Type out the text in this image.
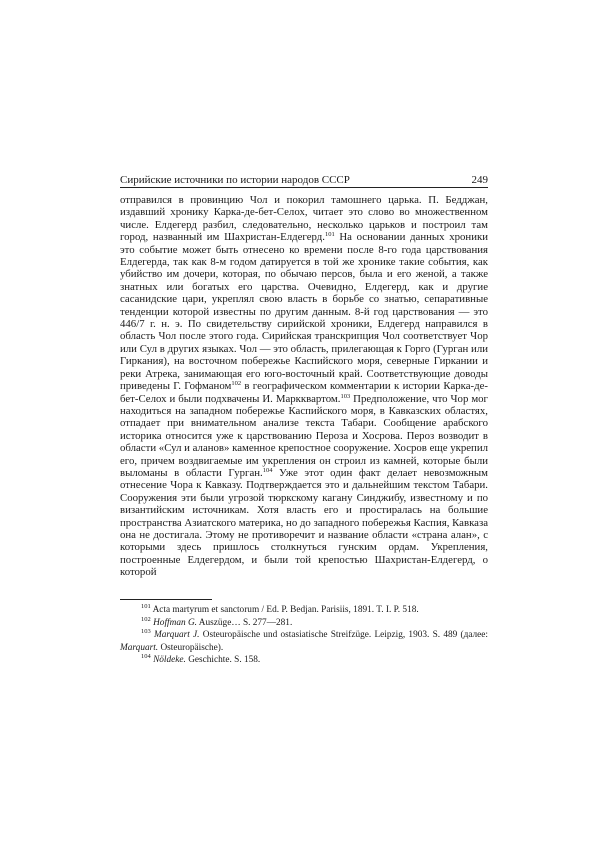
Сирийские источники по истории народов СССР	249

отправился в провинцию Чол и покорил тамошнего царька. П. Бедджан, издавший хронику Карка-де-бет-Селох, читает это слово во множественном числе. Елдегерд разбил, следовательно, несколько царьков и построил там город, названный им Шахристан-Елдегерд.$^{101}$ На основании данных хроники это событие может быть отнесено ко времени после 8-го года царствования Елдегерда, так как 8-м годом датируется в той же хронике такие события, как убийство им дочери, которая, по обычаю персов, была и его женой, а также знатных или богатых его царства. Очевидно, Елдегерд, как и другие сасанидские цари, укреплял свою власть в борьбе со знатью, сепаративные тенденции которой известны по другим данным. 8-й год царствования — это 446/7 г. н. э. По свидетельству сирийской хроники, Елдегерд направился в область Чол после этого года. Сирийская транскрипция Чол соответствует Чор или Сул в других языках. Чол — это область, прилегающая к Горго (Гурган или Гиркания), на восточном побережье Каспийского моря, северные Гиркании и реки Атрека, занимающая его юго-восточный край. Соответствующие доводы приведены Г. Гофманом$^{102}$ в географическом комментарии к истории Карка-де-бет-Селох и были подхвачены И. Маркквартом.$^{103}$ Предположение, что Чор мог находиться на западном побережье Каспийского моря, в Кавказских областях, отпадает при внимательном анализе текста Табари. Сообщение арабского историка относится уже к царствованию Пероза и Хосрова. Пероз возводит в области «Сул и аланов» каменное крепостное сооружение. Хосров еще укрепил его, причем воздвигаемые им укрепления он строил из камней, которые были выломаны в области Гурган.$^{104}$ Уже этот один факт делает невозможным отнесение Чора к Кавказу. Подтверждается это и дальнейшим текстом Табари. Сооружения эти были угрозой тюркскому кагану Синджибу, известному и по византийским источникам. Хотя власть его и простиралась на большие пространства Азиатского материка, но до западного побережья Каспия, Кавказа она не достигала. Этому не противоречит и название области «страна алан», с которыми здесь пришлось столкнуться гунским ордам. Укрепления, построенные Елдегердом, и были той крепостью Шахристан-Елдегерд, о которой

$^{101}$ Acta martyrum et sanctorum / Ed. P. Bedjan. Parisiis, 1891. T. I. P. 518.

$^{102}$ Hoffman G. Auszüge… S. 277—281.

$^{103}$ Marquart J. Osteuropäische und ostasiatische Streifzüge. Leipzig, 1903. S. 489 (далее: Marquart. Osteuropäische).

$^{104}$ Nöldeke. Geschichte. S. 158.
